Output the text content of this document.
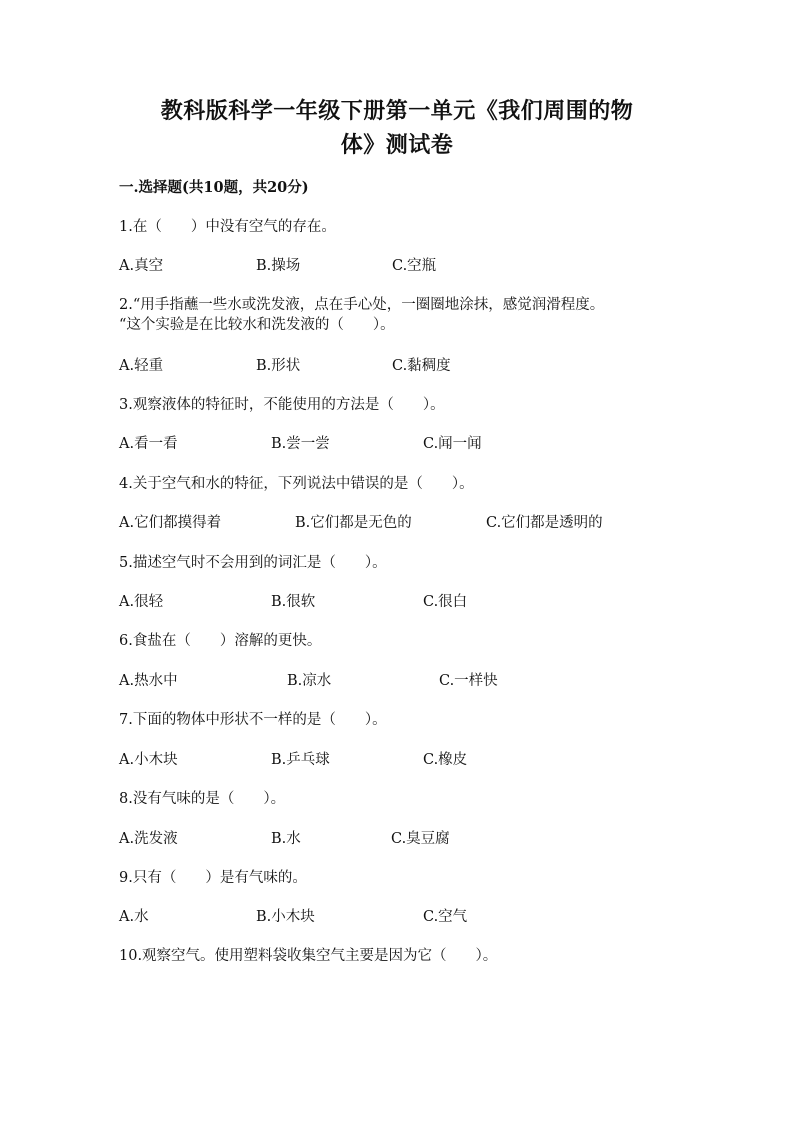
教科版科学一年级下册第一单元《我们周围的物
体》测试卷
一.选择题(共10题，共20分)
1.在（　　）中没有空气的存在。
A.真空	B.操场	C.空瓶
2.“用手指蘸一些水或洗发液，点在手心处，一圈圈地涂抹，感觉润滑程度。
“这个实验是在比较水和洗发液的（　　）。
A.轻重	B.形状	C.黏稠度
3.观察液体的特征时，不能使用的方法是（　　）。
A.看一看	B.尝一尝	C.闻一闻
4.关于空气和水的特征，下列说法中错误的是（　　）。
A.它们都摸得着	B.它们都是无色的	C.它们都是透明的
5.描述空气时不会用到的词汇是（　　）。
A.很轻	B.很软	C.很白
6.食盐在（　　）溶解的更快。
A.热水中	B.凉水	C.一样快
7.下面的物体中形状不一样的是（　　）。
A.小木块	B.乒乓球	C.橡皮
8.没有气味的是（　　）。
A.洗发液	B.水	C.臭豆腐
9.只有（　　）是有气味的。
A.水	B.小木块	C.空气
10.观察空气。使用塑料袋收集空气主要是因为它（　　）。
